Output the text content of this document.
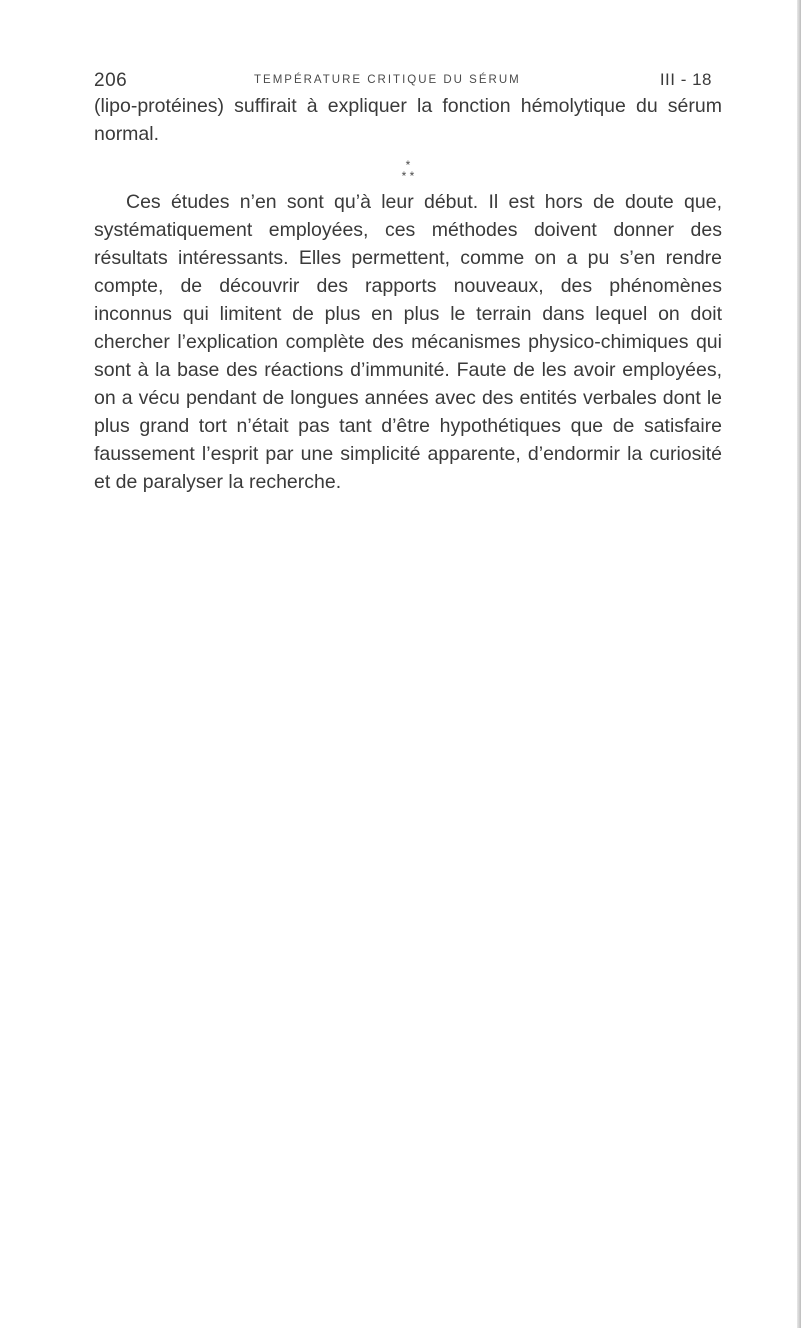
206	TEMPÉRATURE CRITIQUE DU SÉRUM	III - 18

(lipo-protéines) suffirait à expliquer la fonction hémolytique du sérum normal.

*
* *

Ces études n’en sont qu’à leur début. Il est hors de doute que, systématiquement employées, ces méthodes doivent donner des résultats intéressants. Elles permettent, comme on a pu s’en rendre compte, de découvrir des rapports nouveaux, des phénomènes inconnus qui limitent de plus en plus le terrain dans lequel on doit chercher l’explication complète des mécanismes physico-chimiques qui sont à la base des réactions d’immunité. Faute de les avoir employées, on a vécu pendant de longues années avec des entités verbales dont le plus grand tort n’était pas tant d’être hypothétiques que de satisfaire faussement l’esprit par une simplicité apparente, d’endormir la curiosité et de paralyser la recherche.
